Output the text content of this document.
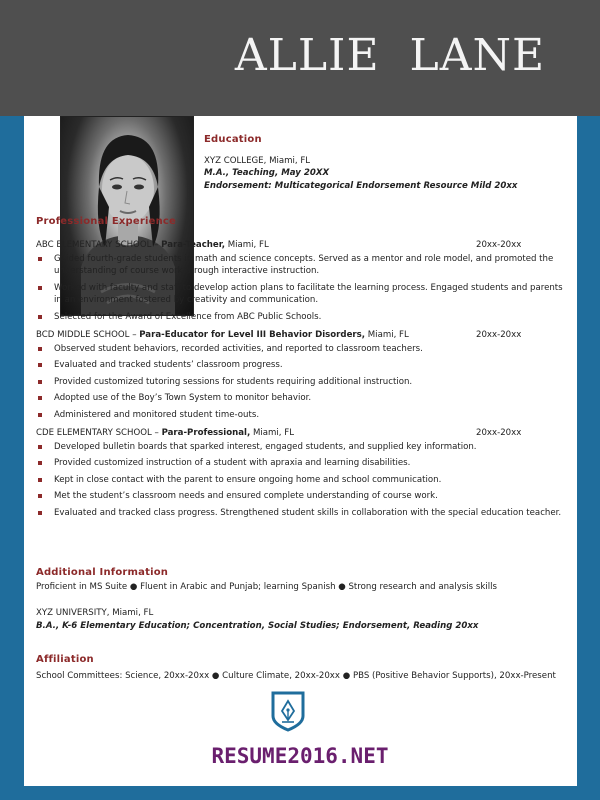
ALLIE  LANE
Education
XYZ COLLEGE, Miami, FL
M.A., Teaching, May 20XX
Endorsement: Multicategorical Endorsement Resource Mild 20xx
Professional Experience
ABC ELEMENTARY SCHOOL – Para-Teacher, Miami, FL	20xx-20xx
Guided fourth-grade students in math and science concepts. Served as a mentor and role model, and promoted the understanding of course work through interactive instruction.
Worked with faculty and staff to develop action plans to facilitate the learning process. Engaged students and parents in an environment fostered by creativity and communication.
Selected for the Award of Excellence from ABC Public Schools.
BCD MIDDLE SCHOOL – Para-Educator for Level III Behavior Disorders, Miami, FL	20xx-20xx
Observed student behaviors, recorded activities, and reported to classroom teachers.
Evaluated and tracked students’ classroom progress.
Provided customized tutoring sessions for students requiring additional instruction.
Adopted use of the Boy’s Town System to monitor behavior.
Administered and monitored student time-outs.
CDE ELEMENTARY SCHOOL – Para-Professional, Miami, FL	20xx-20xx
Developed bulletin boards that sparked interest, engaged students, and supplied key information.
Provided customized instruction of a student with apraxia and learning disabilities.
Kept in close contact with the parent to ensure ongoing home and school communication.
Met the student’s classroom needs and ensured complete understanding of course work.
Evaluated and tracked class progress. Strengthened student skills in collaboration with the special education teacher.
Additional Information
Proficient in MS Suite ● Fluent in Arabic and Punjab; learning Spanish ● Strong research and analysis skills
XYZ UNIVERSITY, Miami, FL
B.A., K-6 Elementary Education; Concentration, Social Studies; Endorsement, Reading 20xx
Affiliation
School Committees: Science, 20xx-20xx ● Culture Climate, 20xx-20xx ● PBS (Positive Behavior Supports), 20xx-Present
RESUME2016.NET
